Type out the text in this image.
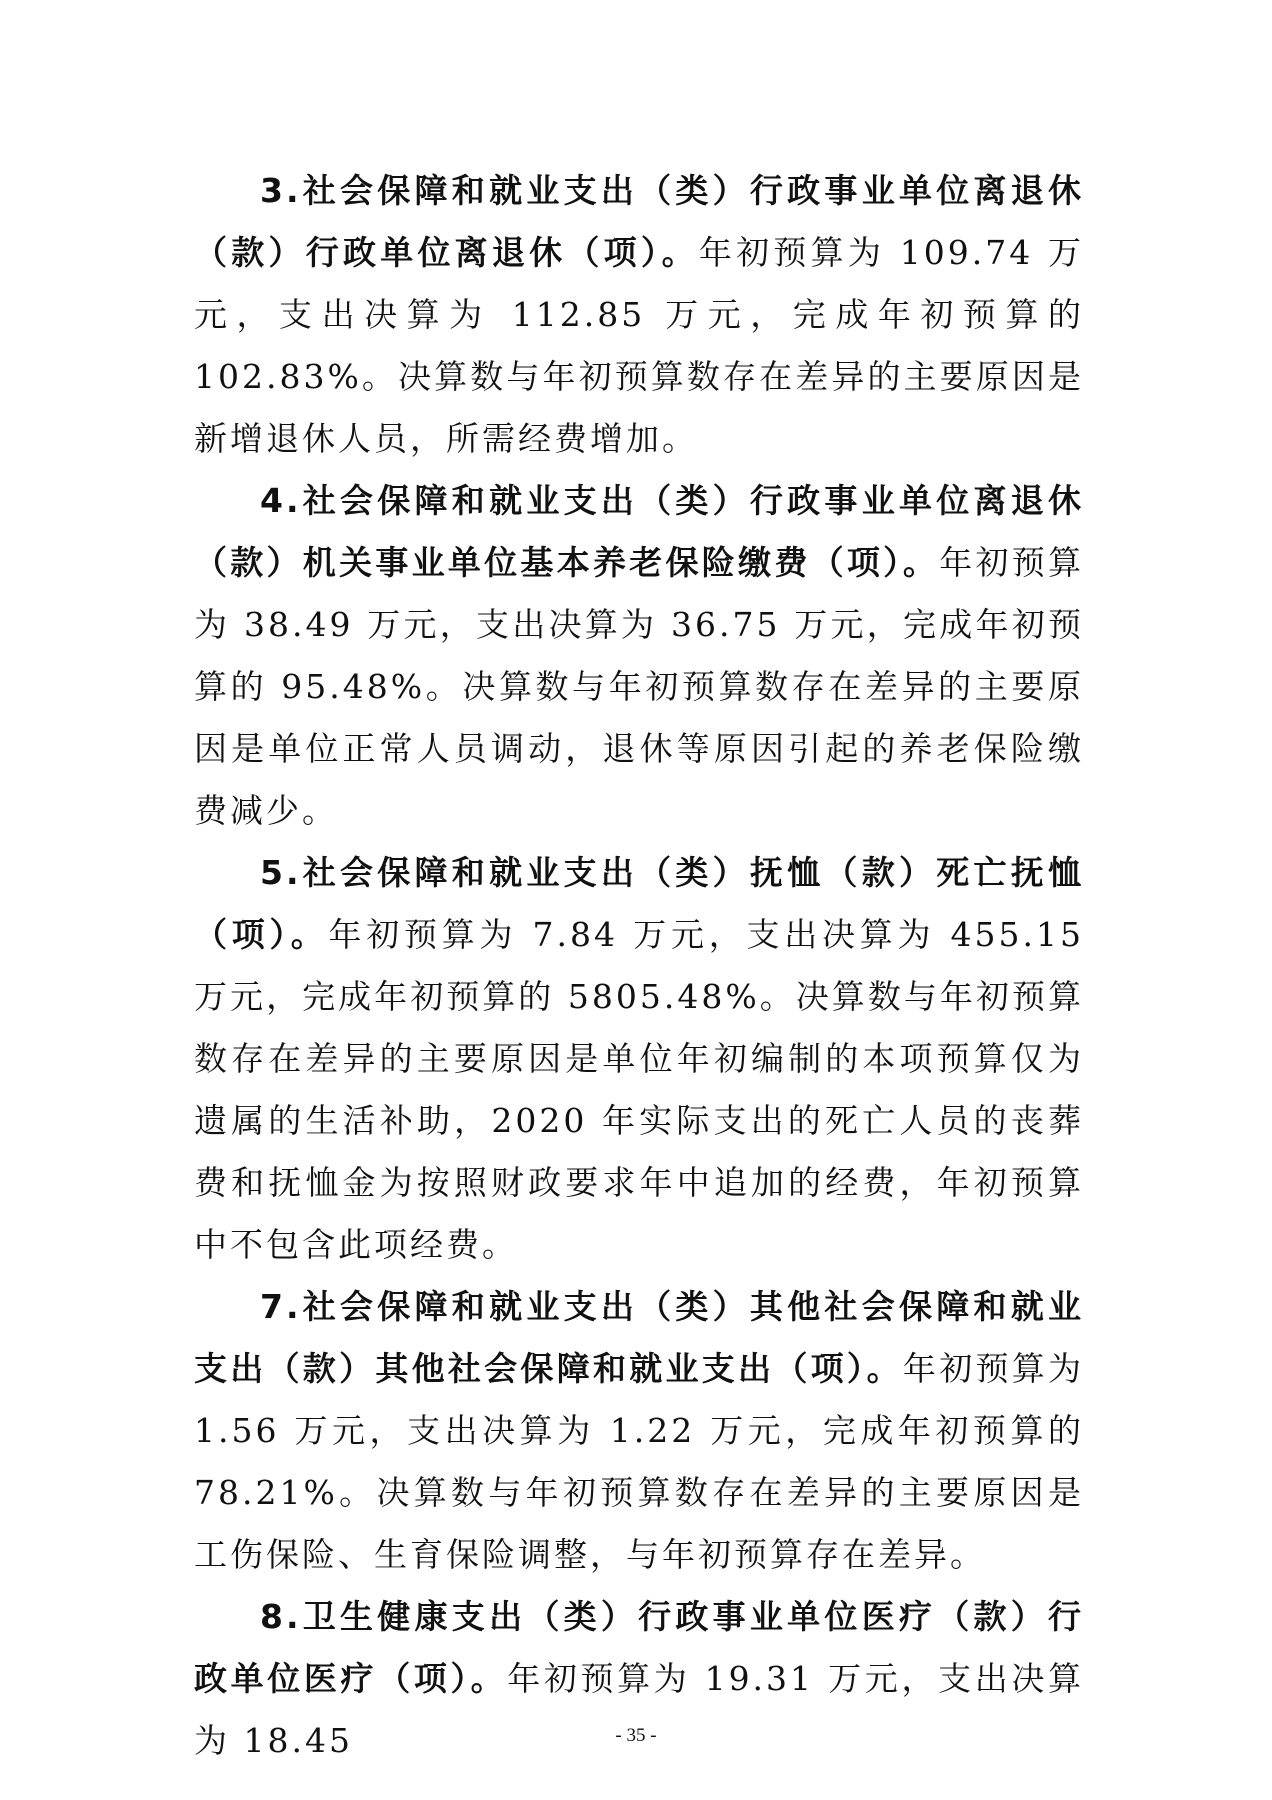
3.社会保障和就业支出（类）行政事业单位离退休（款）行政单位离退休（项）。年初预算为 109.74 万元，支出决算为 112.85 万元，完成年初预算的 102.83%。决算数与年初预算数存在差异的主要原因是新增退休人员，所需经费增加。

4.社会保障和就业支出（类）行政事业单位离退休（款）机关事业单位基本养老保险缴费（项）。年初预算为 38.49 万元，支出决算为 36.75 万元，完成年初预算的 95.48%。决算数与年初预算数存在差异的主要原因是单位正常人员调动，退休等原因引起的养老保险缴费减少。

5.社会保障和就业支出（类）抚恤（款）死亡抚恤（项）。年初预算为 7.84 万元，支出决算为 455.15 万元，完成年初预算的 5805.48%。决算数与年初预算数存在差异的主要原因是单位年初编制的本项预算仅为遗属的生活补助，2020 年实际支出的死亡人员的丧葬费和抚恤金为按照财政要求年中追加的经费，年初预算中不包含此项经费。

7.社会保障和就业支出（类）其他社会保障和就业支出（款）其他社会保障和就业支出（项）。年初预算为 1.56 万元，支出决算为 1.22 万元，完成年初预算的 78.21%。决算数与年初预算数存在差异的主要原因是工伤保险、生育保险调整，与年初预算存在差异。

8.卫生健康支出（类）行政事业单位医疗（款）行政单位医疗（项）。年初预算为 19.31 万元，支出决算为 18.45	- 35 -
